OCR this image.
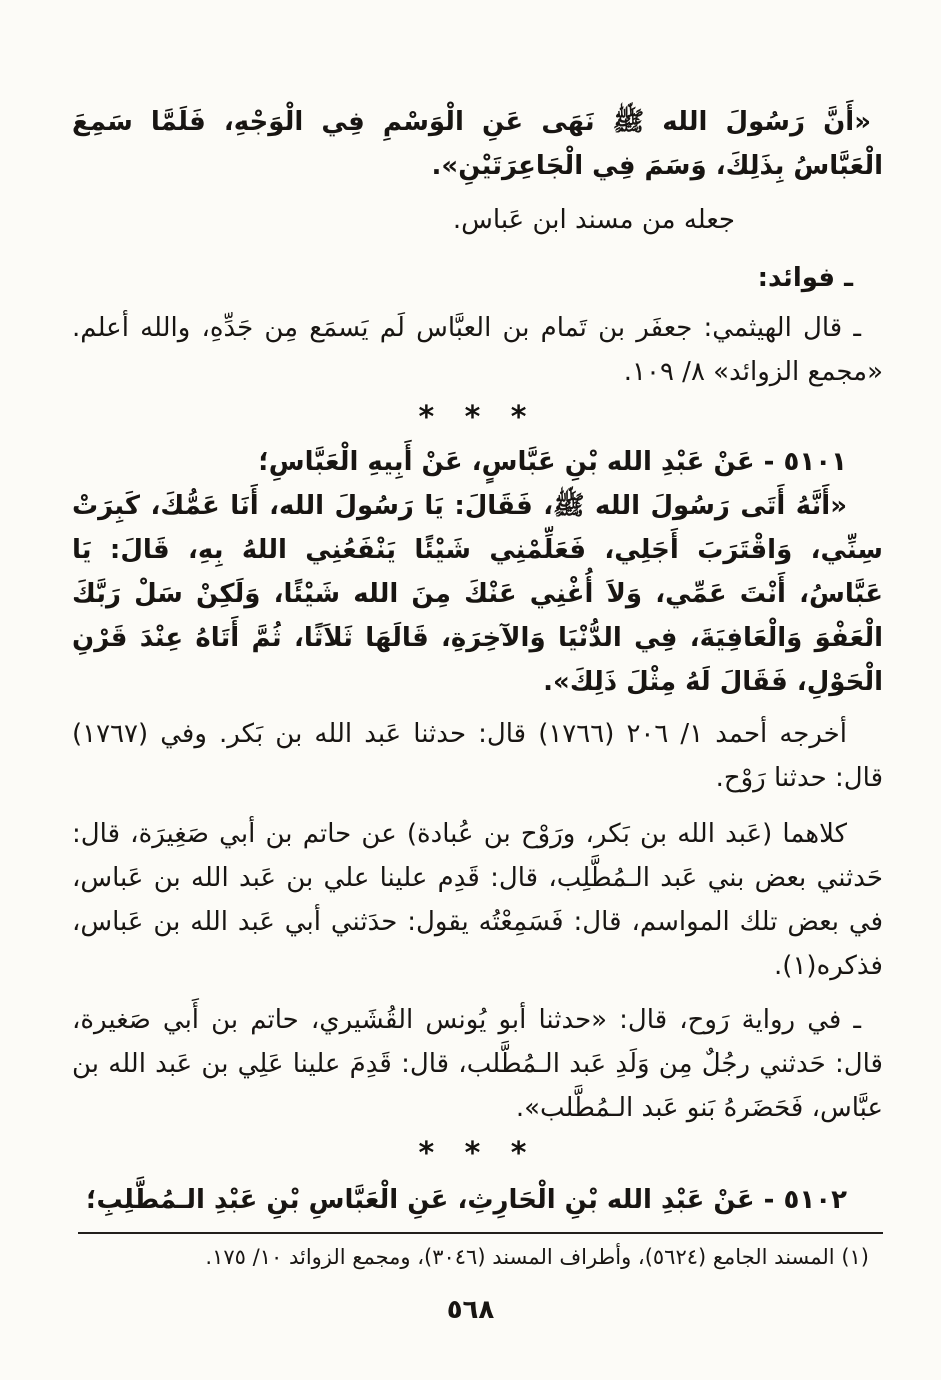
«أَنَّ رَسُولَ الله ﷺ نَهَى عَنِ الْوَسْمِ فِي الْوَجْهِ، فَلَمَّا سَمِعَ الْعَبَّاسُ بِذَلِكَ، وَسَمَ فِي الْجَاعِرَتَيْنِ».

جعله من مسند ابن عَباس.

ـ فوائد:

ـ قال الهيثمي: جعفَر بن تَمام بن العبَّاس لَم يَسمَع مِن جَدِّهِ، والله أعلم. «مجمع الزوائد» ٨/ ١٠٩.

* * *

٥١٠١ - عَنْ عَبْدِ الله بْنِ عَبَّاسٍ، عَنْ أَبِيهِ الْعَبَّاسِ؛

«أَنَّهُ أَتَى رَسُولَ الله ﷺ، فَقَالَ: يَا رَسُولَ الله، أَنَا عَمُّكَ، كَبِرَتْ سِنِّي، وَاقْتَرَبَ أَجَلِي، فَعَلِّمْنِي شَيْئًا يَنْفَعُنِي اللهُ بِهِ، قَالَ: يَا عَبَّاسُ، أَنْتَ عَمِّي، وَلاَ أُغْنِي عَنْكَ مِنَ الله شَيْئًا، وَلَكِنْ سَلْ رَبَّكَ الْعَفْوَ وَالْعَافِيَةَ، فِي الدُّنْيَا وَالآخِرَةِ، قَالَهَا ثَلاَثًا، ثُمَّ أَتَاهُ عِنْدَ قَرْنِ الْحَوْلِ، فَقَالَ لَهُ مِثْلَ ذَلِكَ».

أخرجه أحمد ١/ ٢٠٦ (١٧٦٦) قال: حدثنا عَبد الله بن بَكر. وفي (١٧٦٧) قال: حدثنا رَوْح.

كلاهما (عَبد الله بن بَكر، ورَوْح بن عُبادة) عن حاتم بن أبي صَغِيرَة، قال: حَدثني بعض بني عَبد الـمُطَّلِب، قال: قَدِم علينا علي بن عَبد الله بن عَباس، في بعض تلك المواسم، قال: فَسَمِعْتُه يقول: حدَثني أبي عَبد الله بن عَباس، فذكره(١).

ـ في رواية رَوح، قال: «حدثنا أبو يُونس القُشَيري، حاتم بن أَبي صَغيرة، قال: حَدثني رجُلٌ مِن وَلَدِ عَبد الـمُطَّلب، قال: قَدِمَ علينا عَلِي بن عَبد الله بن عبَّاس، فَحَضَرهُ بَنو عَبد الـمُطَّلب».

* * *

٥١٠٢ - عَنْ عَبْدِ الله بْنِ الْحَارِثِ، عَنِ الْعَبَّاسِ بْنِ عَبْدِ الـمُطَّلِبِ؛

(١) المسند الجامع (٥٦٢٤)، وأطراف المسند (٣٠٤٦)، ومجمع الزوائد ١٠/ ١٧٥.

٥٦٨
